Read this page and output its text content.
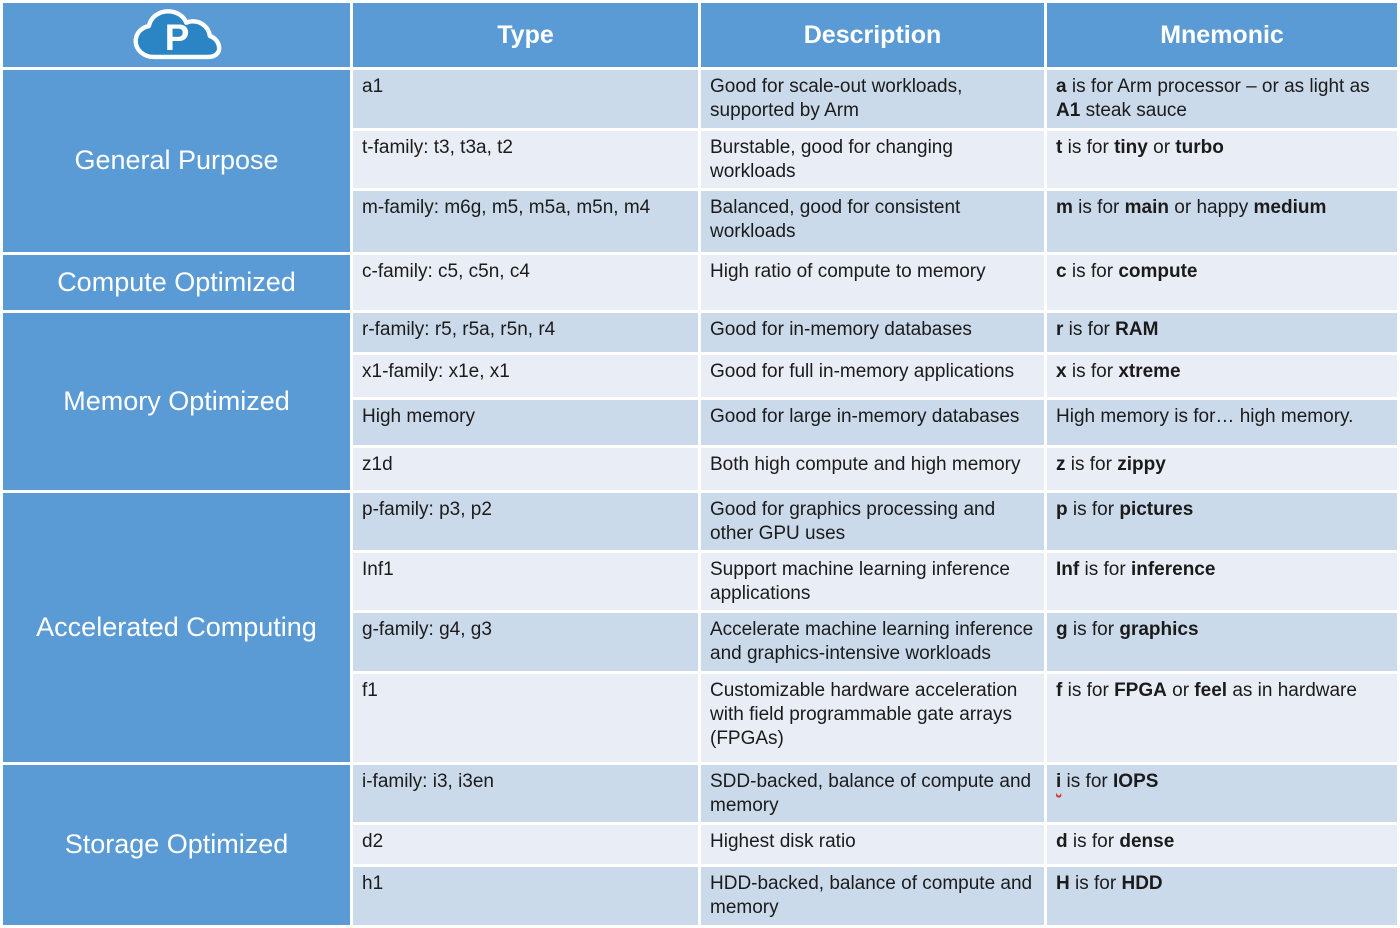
P	Type	Description	Mnemonic
General Purpose	a1	Good for scale-out workloads, supported by Arm	a is for Arm processor – or as light as A1 steak sauce
	t-family: t3, t3a, t2	Burstable, good for changing workloads	t is for tiny or turbo
	m-family: m6g, m5, m5a, m5n, m4	Balanced, good for consistent workloads	m is for main or happy medium
Compute Optimized	c-family: c5, c5n, c4	High ratio of compute to memory	c is for compute
Memory Optimized	r-family: r5, r5a, r5n, r4	Good for in-memory databases	r is for RAM
	x1-family: x1e, x1	Good for full in-memory applications	x is for xtreme
	High memory	Good for large in-memory databases	High memory is for… high memory.
	z1d	Both high compute and high memory	z is for zippy
Accelerated Computing	p-family: p3, p2	Good for graphics processing and other GPU uses	p is for pictures
	Inf1	Support machine learning inference applications	Inf is for inference
	g-family: g4, g3	Accelerate machine learning inference and graphics-intensive workloads	g is for graphics
	f1	Customizable hardware acceleration with field programmable gate arrays (FPGAs)	f is for FPGA or feel as in hardware
Storage Optimized	i-family: i3, i3en	SDD-backed, balance of compute and memory	i is for IOPS
	d2	Highest disk ratio	d is for dense
	h1	HDD-backed, balance of compute and memory	H is for HDD
